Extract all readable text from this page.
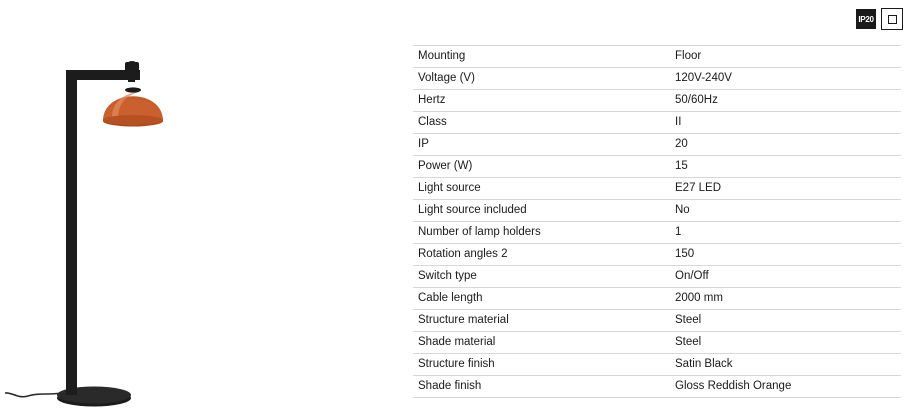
IP20
Mounting	Floor
Voltage (V)	120V-240V
Hertz	50/60Hz
Class	II
IP	20
Power (W)	15
Light source	E27 LED
Light source included	No
Number of lamp holders	1
Rotation angles 2	150
Switch type	On/Off
Cable length	2000 mm
Structure material	Steel
Shade material	Steel
Structure finish	Satin Black
Shade finish	Gloss Reddish Orange
